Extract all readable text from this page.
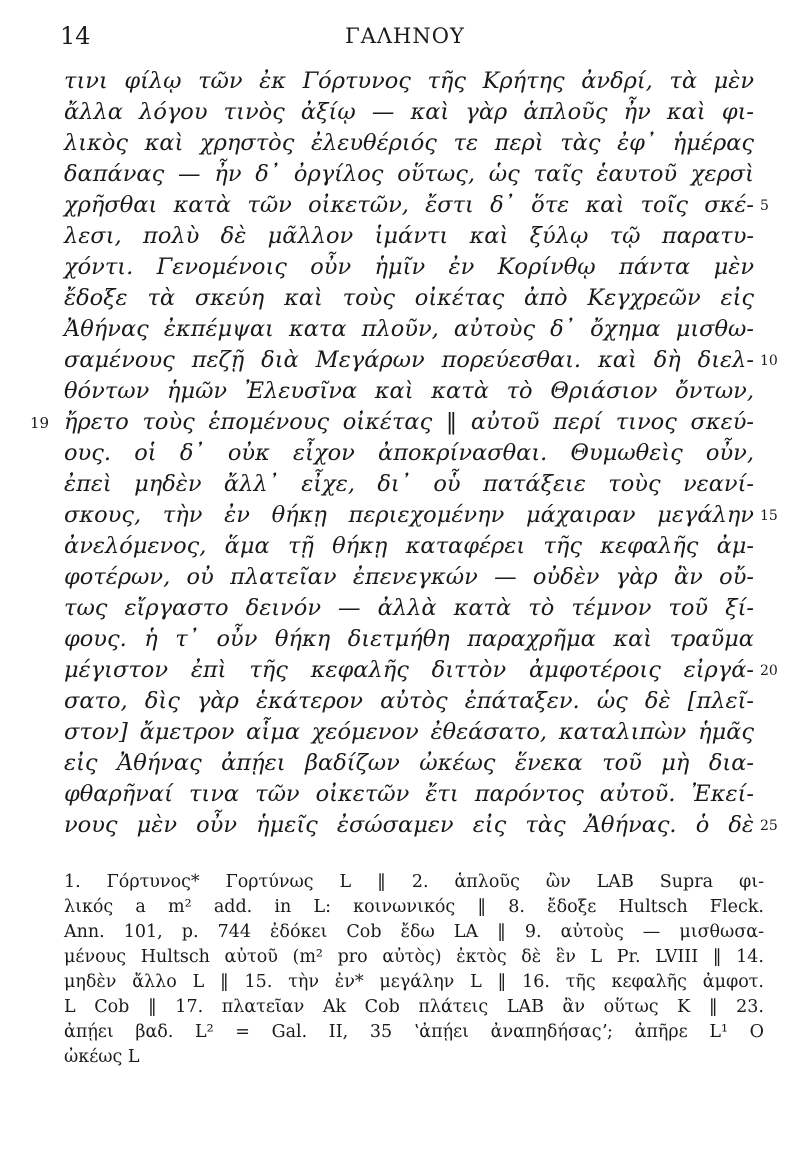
14	ΓΑΛΗΝΟΥ
τινι φίλῳ τῶν ἐκ Γόρτυνος τῆς Κρήτης ἀνδρί, τὰ μὲν
ἄλλα λόγου τινὸς ἀξίῳ — καὶ γὰρ ἁπλοῦς ἦν καὶ φι-
λικὸς καὶ χρηστὸς ἐλευθέριός τε περὶ τὰς ἐφ᾽ ἡμέρας
δαπάνας — ἦν δ᾽ ὀργίλος οὕτως, ὡς ταῖς ἑαυτοῦ χερσὶ
χρῆσθαι κατὰ τῶν οἰκετῶν, ἔστι δ᾽ ὅτε καὶ τοῖς σκέ- 5
λεσι, πολὺ δὲ μᾶλλον ἱμάντι καὶ ξύλῳ τῷ παρατυ-
χόντι. Γενομένοις οὖν ἡμῖν ἐν Κορίνθῳ πάντα μὲν
ἔδοξε τὰ σκεύη καὶ τοὺς οἰκέτας ἀπὸ Κεγχρεῶν εἰς
Ἀθήνας ἐκπέμψαι κατα πλοῦν, αὐτοὺς δ᾽ ὄχημα μισθω-
σαμένους πεζῇ διὰ Μεγάρων πορεύεσθαι. καὶ δὴ διελ- 10
θόντων ἡμῶν Ἐλευσῖνα καὶ κατὰ τὸ Θριάσιον ὄντων,
ἤρετο τοὺς ἑπομένους οἰκέτας ‖ αὐτοῦ περί τινος σκεύ-
19
ους. οἱ δ᾽ οὐκ εἶχον ἀποκρίνασθαι. Θυμωθεὶς οὖν,
ἐπεὶ μηδὲν ἄλλ᾽ εἶχε, δι᾽ οὗ πατάξειε τοὺς νεανί-
σκους, τὴν ἐν θήκῃ περιεχομένην μάχαιραν μεγάλην 15
ἀνελόμενος, ἅμα τῇ θήκῃ καταφέρει τῆς κεφαλῆς ἀμ-
φοτέρων, οὐ πλατεῖαν ἐπενεγκών — οὐδὲν γὰρ ἂν οὔ-
τως εἴργαστο δεινόν — ἀλλὰ κατὰ τὸ τέμνον τοῦ ξί-
φους. ἡ τ᾽ οὖν θήκη διετμήθη παραχρῆμα καὶ τραῦμα
μέγιστον ἐπὶ τῆς κεφαλῆς διττὸν ἀμφοτέροις εἰργά- 20
σατο, δὶς γὰρ ἑκάτερον αὐτὸς ἐπάταξεν. ὡς δὲ [πλεῖ-
στον] ἄμετρον αἷμα χεόμενον ἐθεάσατο, καταλιπὼν ἡμᾶς
εἰς Ἀθήνας ἀπῄει βαδίζων ὠκέως ἕνεκα τοῦ μὴ δια-
φθαρῆναί τινα τῶν οἰκετῶν ἔτι παρόντος αὐτοῦ. Ἐκεί-
νους μὲν οὖν ἡμεῖς ἐσώσαμεν εἰς τὰς Ἀθήνας. ὁ δὲ 25
1. Γόρτυνος* Γορτύνως L ‖ 2. ἁπλοῦς ὢν LAB Supra φι-
λικός a m² add. in L: κοινωνικός ‖ 8. ἔδοξε Hultsch Fleck.
Ann. 101, p. 744 ἐδόκει Cob ἔδω LA ‖ 9. αὐτοὺς — μισθωσα-
μένους Hultsch αὐτοῦ (m² pro αὐτὸς) ἐκτὸς δὲ ἓν L Pr. LVIII ‖ 14.
μηδὲν ἄλλο L ‖ 15. τὴν ἐν* μεγάλην L ‖ 16. τῆς κεφαλῆς ἀμφοτ.
L Cob ‖ 17. πλατεῖαν Ak Cob πλάτεις LAB ἂν οὕτως K ‖ 23.
ἀπῄει βαδ. L² = Gal. II, 35 ʽἀπῄει ἀναπηδήσαςʼ; ἀπῆρε L¹ O
ὠκέως L
